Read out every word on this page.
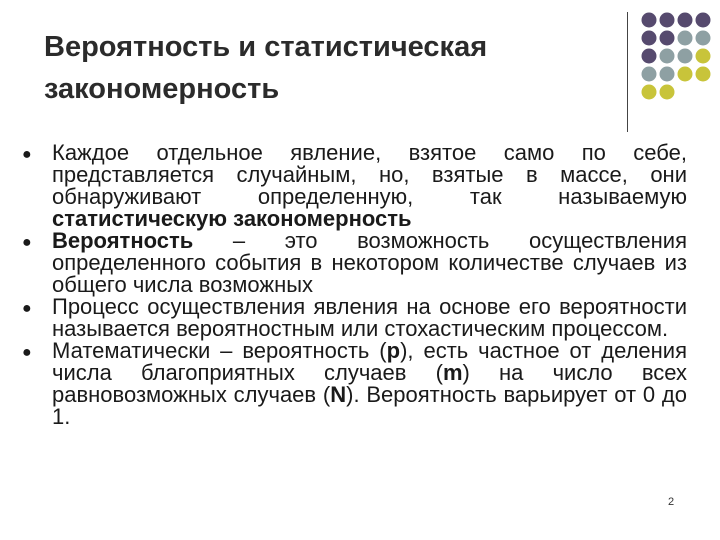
Вероятность и статистическая закономерность
● Каждое отдельное явление, взятое само по себе, представляется случайным, но, взятые в массе, они обнаруживают определенную, так называемую статистическую закономерность
● Вероятность – это возможность осуществления определенного события в некотором количестве случаев из общего числа возможных
● Процесс осуществления явления на основе его вероятности называется вероятностным или стохастическим процессом.
● Математически – вероятность (р), есть частное от деления числа благоприятных случаев (m) на число всех равновозможных случаев (N). Вероятность варьирует от 0 до 1.
2
